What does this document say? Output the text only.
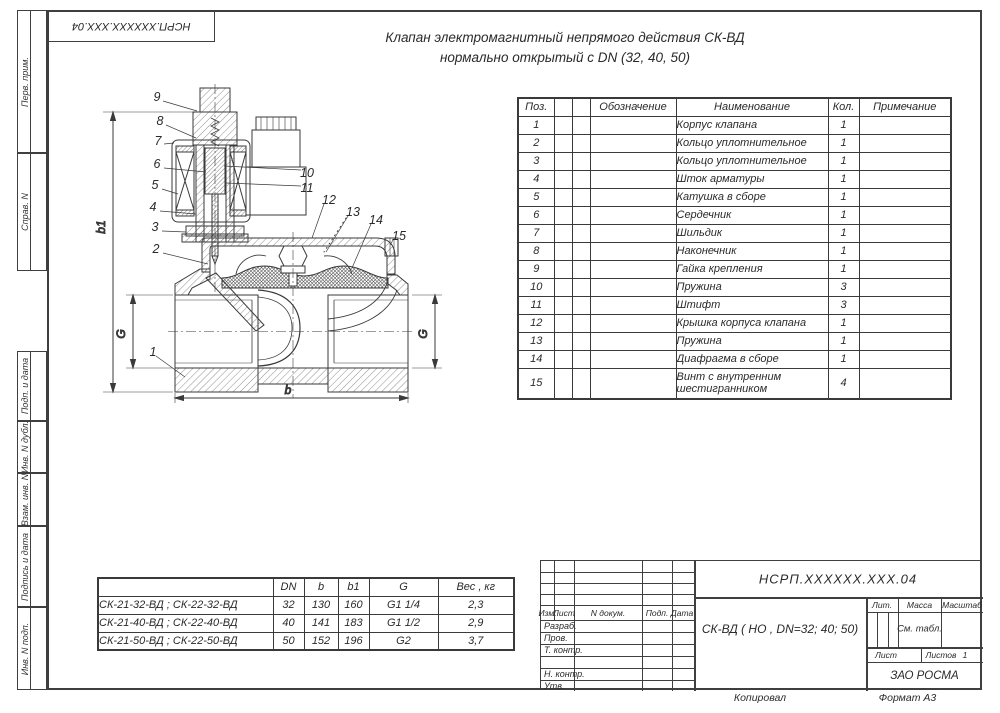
НСРП.XXXXXX.XXX.04
Перв. прим.
Справ. N
Подп. и дата
Инв. N дубл.
Взам. инв. N
Подпись и дата
Инв. N подп.
Клапан электромагнитный непрямого действия СК-ВД
нормально открытый с DN (32, 40, 50)
b1
G	G
b
9
8
7
6
5
4
3
2
10
11
12
13
14
15
1
Поз.			Обозначение	Наименование	Кол.	Примечание
1				Корпус клапана	1	
2				Кольцо уплотнительное	1	
3				Кольцо уплотнительное	1	
4				Шток арматуры	1	
5				Катушка в сборе	1	
6				Сердечник	1	
7				Шильдик	1	
8				Наконечник	1	
9				Гайка крепления	1	
10				Пружина	3	
11				Штифт	3	
12				Крышка корпуса клапана	1	
13				Пружина	1	
14				Диафрагма в сборе	1	
15				Винт с внутренним шестигранником	4	
	DN	b	b1	G	Вес , кг
СК-21-32-ВД ; СК-22-32-ВД	32	130	160	G1 1/4	2,3
СК-21-40-ВД ; СК-22-40-ВД	40	141	183	G1 1/2	2,9
СК-21-50-ВД ; СК-22-50-ВД	50	152	196	G2	3,7
Изм.
Лист N докум. Подп. Дата
Разраб.
Пров.
Т. контр.
Н. контр.
Утв.
НСРП.XXXXXX.XXX.04
СК-ВД ( НО , DN=32; 40; 50)
Лит. Масса Масштаб
См. табл.
Лист	Листов 1
ЗАО РОСМА
Копировал	Формат А3
